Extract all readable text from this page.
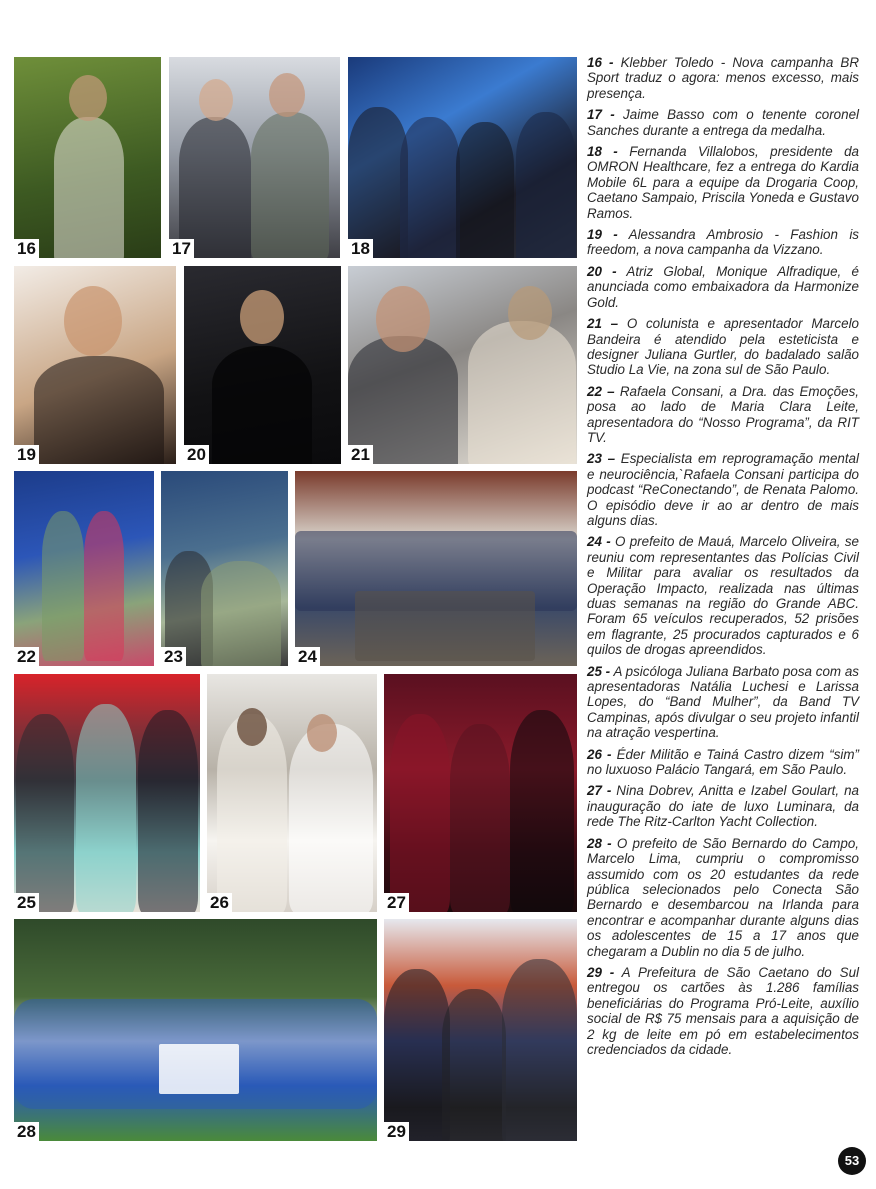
16	17	18
19	20	21
22	23	24
25	26	27
28	29

16 - Klebber Toledo - Nova campanha BR Sport traduz o agora: menos excesso, mais presença.

17 - Jaime Basso com o tenente coronel Sanches durante a entrega da medalha.

18 - Fernanda Villalobos, presidente da OMRON Healthcare, fez a entrega do Kardia Mobile 6L para a equipe da Drogaria Coop, Caetano Sampaio, Priscila Yoneda e Gustavo Ramos.

19 - Alessandra Ambrosio - Fashion is freedom, a nova campanha da Vizzano.

20 - Atriz Global, Monique Alfradique, é anunciada como embaixadora da Harmonize Gold.

21 – O colunista e apresentador Marcelo Bandeira é atendido pela esteticista e designer Juliana Gurtler, do badalado salão Studio La Vie, na zona sul de São Paulo.

22 – Rafaela Consani, a Dra. das Emoções, posa ao lado de Maria Clara Leite, apresentadora do “Nosso Programa”, da RIT TV.

23 – Especialista em reprogramação mental e neurociência,`Rafaela Consani participa do podcast “ReConectando”, de Renata Palomo. O episódio deve ir ao ar dentro de mais alguns dias.

24 - O prefeito de Mauá, Marcelo Oliveira, se reuniu com representantes das Polícias Civil e Militar para avaliar os resultados da Operação Impacto, realizada nas últimas duas semanas na região do Grande ABC. Foram 65 veículos recuperados, 52 prisões em flagrante, 25 procurados capturados e 6 quilos de drogas apreendidos.

25 - A psicóloga Juliana Barbato posa com as apresentadoras Natália Luchesi e Larissa Lopes, do “Band Mulher”, da Band TV Campinas, após divulgar o seu projeto infantil na atração vespertina.

26 - Éder Militão e Tainá Castro dizem “sim” no luxuoso Palácio Tangará, em São Paulo.

27 - Nina Dobrev, Anitta e Izabel Goulart, na inauguração do iate de luxo Luminara, da rede The Ritz-Carlton Yacht Collection.

28 - O prefeito de São Bernardo do Campo, Marcelo Lima, cumpriu o compromisso assumido com os 20 estudantes da rede pública selecionados pelo Conecta São Bernardo e desembarcou na Irlanda para encontrar e acompanhar durante alguns dias os adolescentes de 15 a 17 anos que chegaram a Dublin no dia 5 de julho.

29 - A Prefeitura de São Caetano do Sul entregou os cartões às 1.286 famílias beneficiárias do Programa Pró-Leite, auxílio social de R$ 75 mensais para a aquisição de 2 kg de leite em pó em estabelecimentos credenciados da cidade.

53
